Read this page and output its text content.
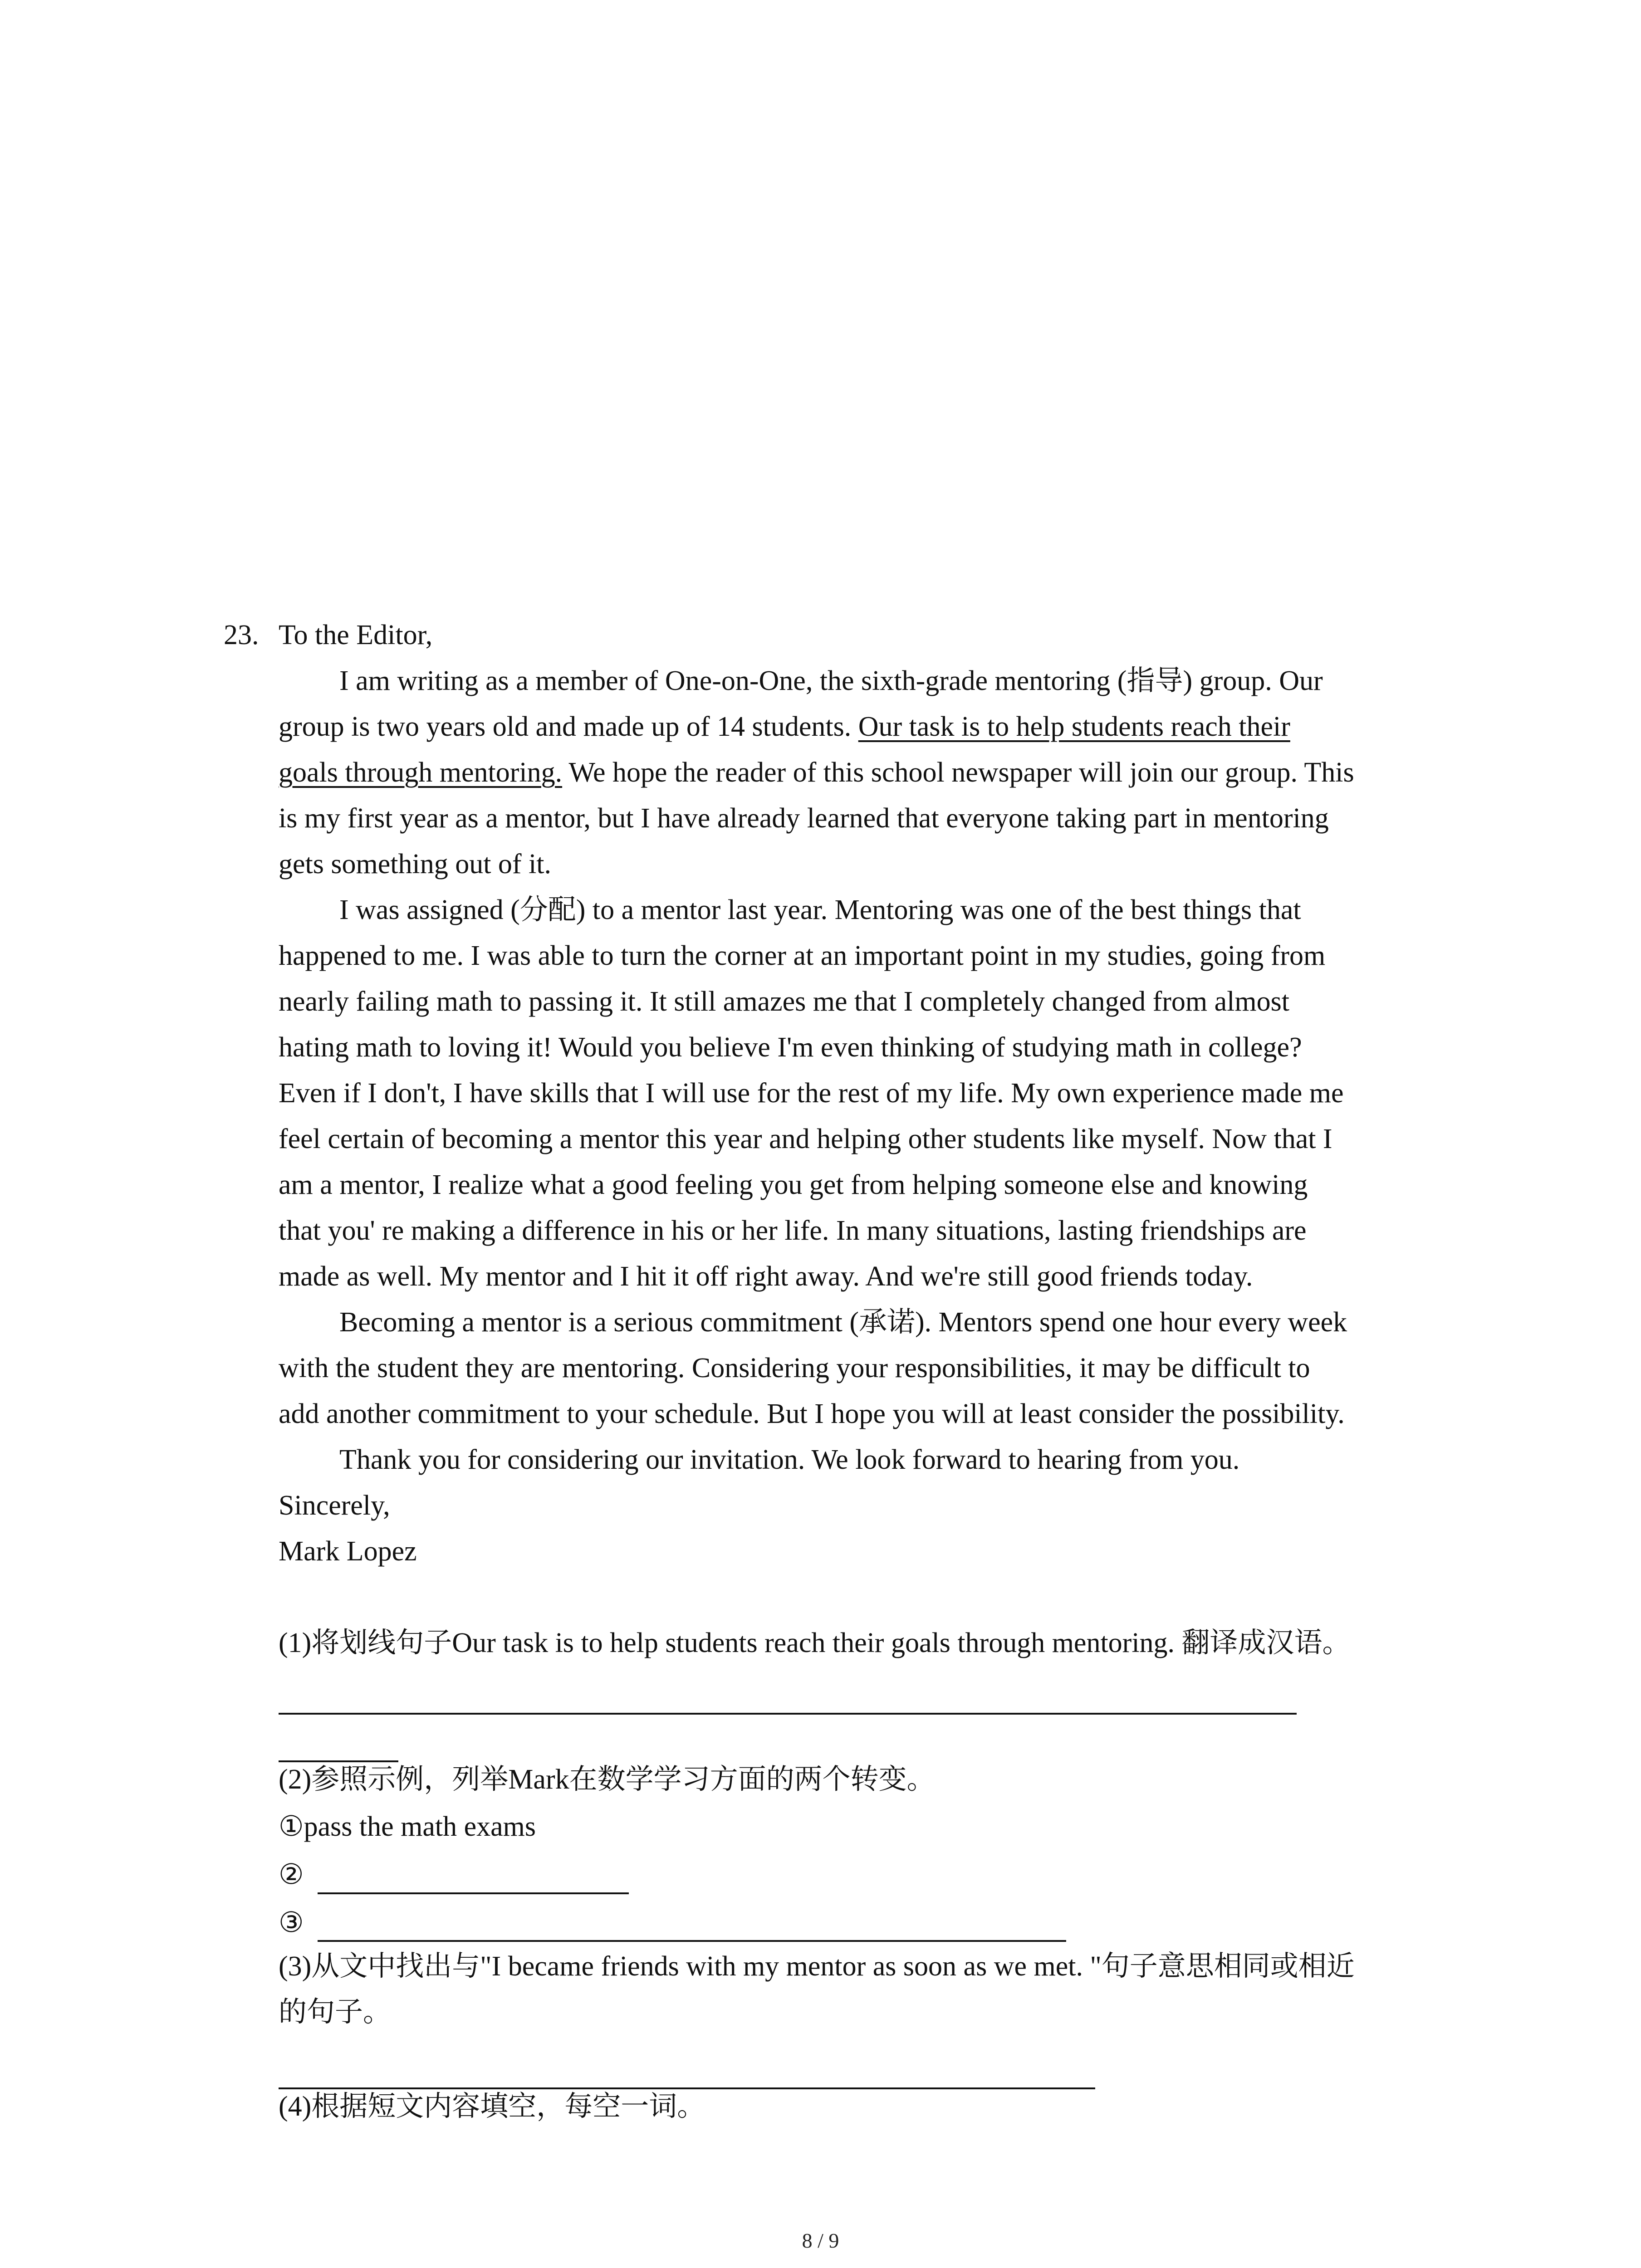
23. To the Editor,
I am writing as a member of One-on-One, the sixth-grade mentoring (指导) group. Our
group is two years old and made up of 14 students. Our task is to help students reach their
goals through mentoring. We hope the reader of this school newspaper will join our group. This
is my first year as a mentor, but I have already learned that everyone taking part in mentoring
gets something out of it.
I was assigned (分配) to a mentor last year. Mentoring was one of the best things that
happened to me. I was able to turn the corner at an important point in my studies, going from
nearly failing math to passing it. It still amazes me that I completely changed from almost
hating math to loving it! Would you believe I'm even thinking of studying math in college?
Even if I don't, I have skills that I will use for the rest of my life. My own experience made me
feel certain of becoming a mentor this year and helping other students like myself. Now that I
am a mentor, I realize what a good feeling you get from helping someone else and knowing
that you' re making a difference in his or her life. In many situations, lasting friendships are
made as well. My mentor and I hit it off right away. And we're still good friends today.
Becoming a mentor is a serious commitment (承诺). Mentors spend one hour every week
with the student they are mentoring. Considering your responsibilities, it may be difficult to
add another commitment to your schedule. But I hope you will at least consider the possibility.
Thank you for considering our invitation. We look forward to hearing from you.
Sincerely,
Mark Lopez
(1)将划线句子Our task is to help students reach their goals through mentoring. 翻译成汉语。
(2)参照示例，列举Mark在数学学习方面的两个转变。
①pass the math exams
②
③
(3)从文中找出与"I became friends with my mentor as soon as we met. "句子意思相同或相近
的句子。
(4)根据短文内容填空，每空一词。
8 / 9
